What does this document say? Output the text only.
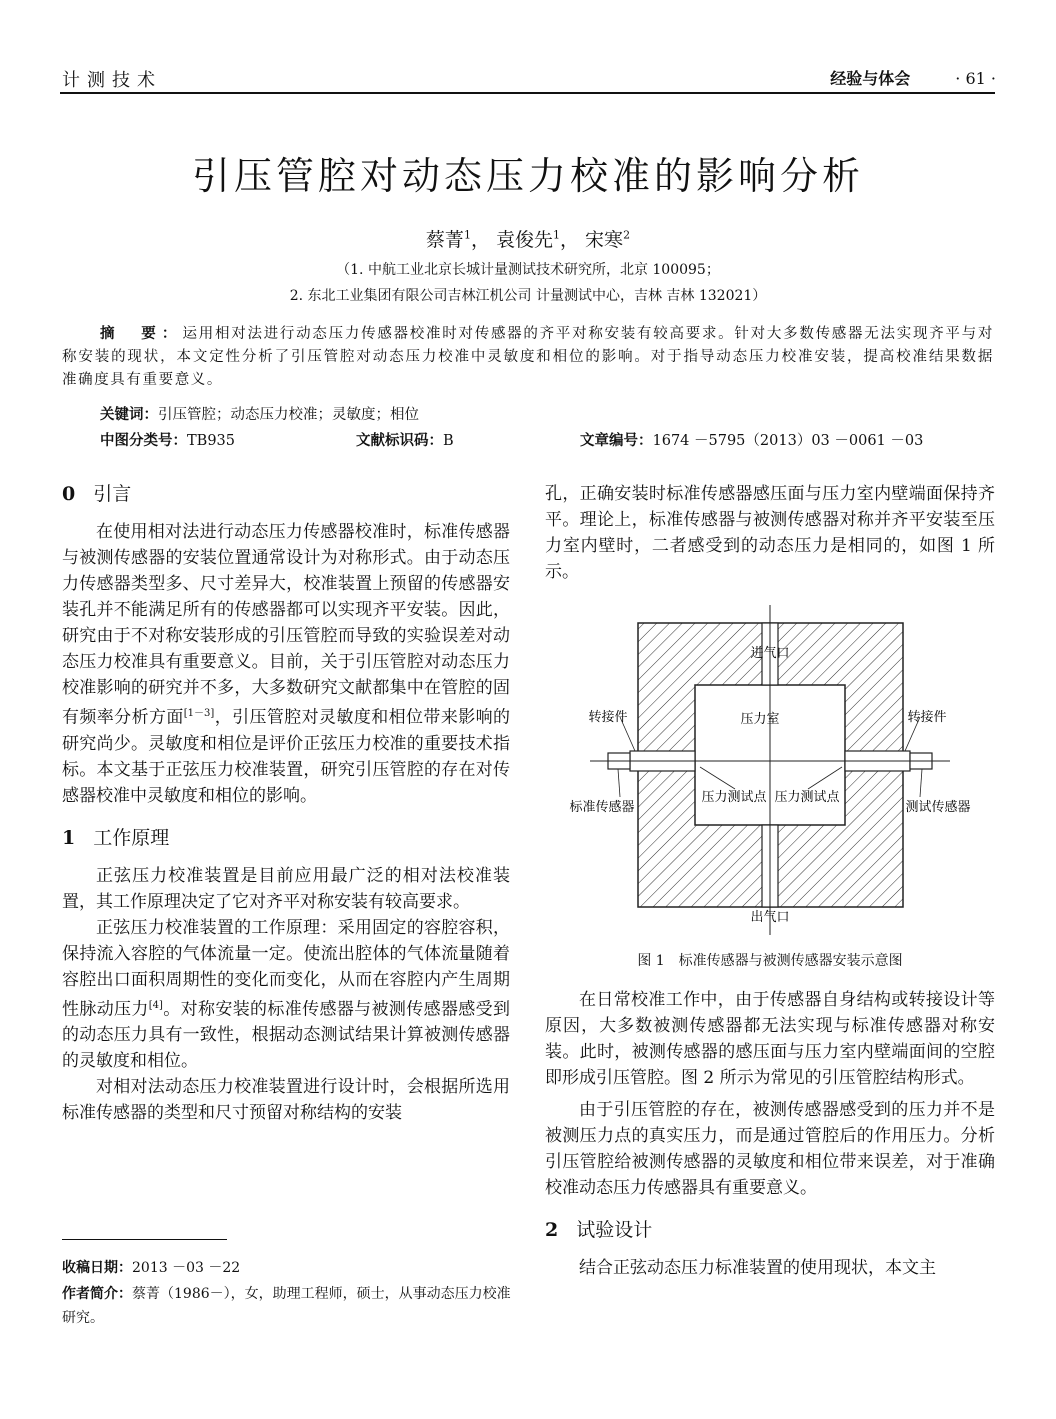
计测技术	经验与体会	· 61 ·
引压管腔对动态压力校准的影响分析
蔡菁$^1$， 袁俊先$^1$， 宋寒$^2$
（1. 中航工业北京长城计量测试技术研究所，北京 100095；
2. 东北工业集团有限公司吉林江机公司 计量测试中心，吉林 吉林 132021）
摘　要：运用相对法进行动态压力传感器校准时对传感器的齐平对称安装有较高要求。针对大多数传感器无法实现齐平与对称安装的现状，本文定性分析了引压管腔对动态压力校准中灵敏度和相位的影响。对于指导动态压力校准安装，提高校准结果数据准确度具有重要意义。
关键词：引压管腔；动态压力校准；灵敏度；相位
中图分类号：TB935	文献标识码：B	文章编号：1674 －5795（2013）03 －0061 －03
0 引言

在使用相对法进行动态压力传感器校准时，标准传感器与被测传感器的安装位置通常设计为对称形式。由于动态压力传感器类型多、尺寸差异大，校准装置上预留的传感器安装孔并不能满足所有的传感器都可以实现齐平安装。因此，研究由于不对称安装形成的引压管腔而导致的实验误差对动态压力校准具有重要意义。目前，关于引压管腔对动态压力校准影响的研究并不多，大多数研究文献都集中在管腔的固有频率分析方面[1－3]，引压管腔对灵敏度和相位带来影响的研究尚少。灵敏度和相位是评价正弦压力校准的重要技术指标。本文基于正弦压力校准装置，研究引压管腔的存在对传感器校准中灵敏度和相位的影响。

1 工作原理

正弦压力校准装置是目前应用最广泛的相对法校准装置，其工作原理决定了它对齐平对称安装有较高要求。

正弦压力校准装置的工作原理：采用固定的容腔容积，保持流入容腔的气体流量一定。使流出腔体的气体流量随着容腔出口面积周期性的变化而变化，从而在容腔内产生周期性脉动压力[4]。对称安装的标准传感器与被测传感器感受到的动态压力具有一致性，根据动态测试结果计算被测传感器的灵敏度和相位。

对相对法动态压力校准装置进行设计时，会根据所选用标准传感器的类型和尺寸预留对称结构的安装

收稿日期：2013 －03 －22
作者简介：蔡菁（1986－），女，助理工程师，硕士，从事动态压力校准研究。

孔，正确安装时标准传感器感压面与压力室内壁端面保持齐平。理论上，标准传感器与被测传感器对称并齐平安装至压力室内壁时，二者感受到的动态压力是相同的，如图 1 所示。

进气口
出气口
压力室
转接件	转接件
标准传感器	测试传感器
压力测试点 压力测试点
图 1　标准传感器与被测传感器安装示意图

在日常校准工作中，由于传感器自身结构或转接设计等原因，大多数被测传感器都无法实现与标准传感器对称安装。此时，被测传感器的感压面与压力室内壁端面间的空腔即形成引压管腔。图 2 所示为常见的引压管腔结构形式。

由于引压管腔的存在，被测传感器感受到的压力并不是被测压力点的真实压力，而是通过管腔后的作用压力。分析引压管腔给被测传感器的灵敏度和相位带来误差，对于准确校准动态压力传感器具有重要意义。

2 试验设计

结合正弦动态压力标准装置的使用现状，本文主
